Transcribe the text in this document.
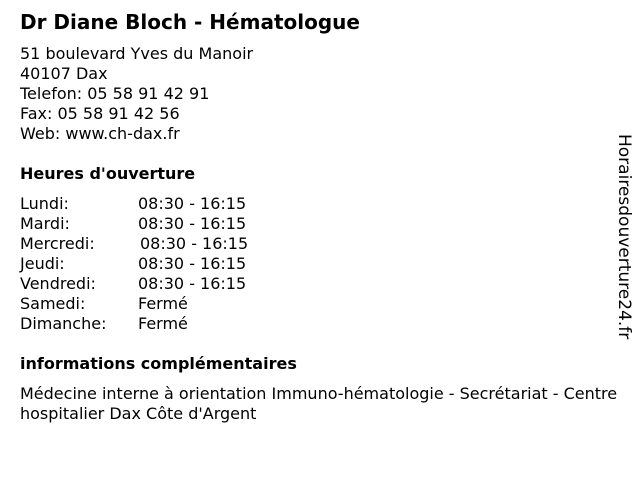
Dr Diane Bloch - Hématologue
51 boulevard Yves du Manoir
40107 Dax
Telefon: 05 58 91 42 91
Fax: 05 58 91 42 56
Web: www.ch-dax.fr
Heures d'ouverture
Lundi:	08:30 - 16:15
Mardi:	08:30 - 16:15
Mercredi:	08:30 - 16:15
Jeudi:	08:30 - 16:15
Vendredi:	08:30 - 16:15
Samedi:	Fermé
Dimanche: Fermé
informations complémentaires
Médecine interne à orientation Immuno-hématologie - Secrétariat - Centre hospitalier Dax Côte d'Argent
Horairesdouverture24.fr
